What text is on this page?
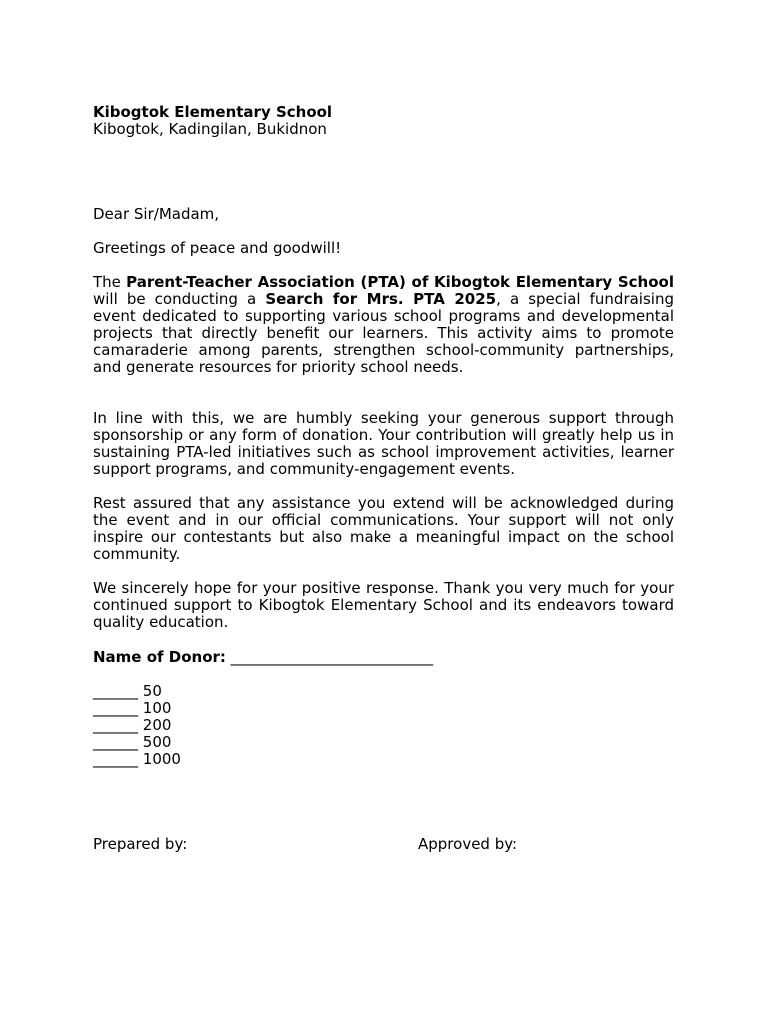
Kibogtok Elementary School
Kibogtok, Kadingilan, Bukidnon

Dear Sir/Madam,

Greetings of peace and goodwill!

The Parent-Teacher Association (PTA) of Kibogtok Elementary School will be conducting a Search for Mrs. PTA 2025, a special fundraising event dedicated to supporting various school programs and developmental projects that directly benefit our learners. This activity aims to promote camaraderie among parents, strengthen school-community partnerships, and generate resources for priority school needs.

In line with this, we are humbly seeking your generous support through sponsorship or any form of donation. Your contribution will greatly help us in sustaining PTA-led initiatives such as school improvement activities, learner support programs, and community-engagement events.

Rest assured that any assistance you extend will be acknowledged during the event and in our official communications. Your support will not only inspire our contestants but also make a meaningful impact on the school community.

We sincerely hope for your positive response. Thank you very much for your continued support to Kibogtok Elementary School and its endeavors toward quality education.

Name of Donor: ___________________________
______ 50
______ 100
______ 200
______ 500
______ 1000
Prepared by:	Approved by:
